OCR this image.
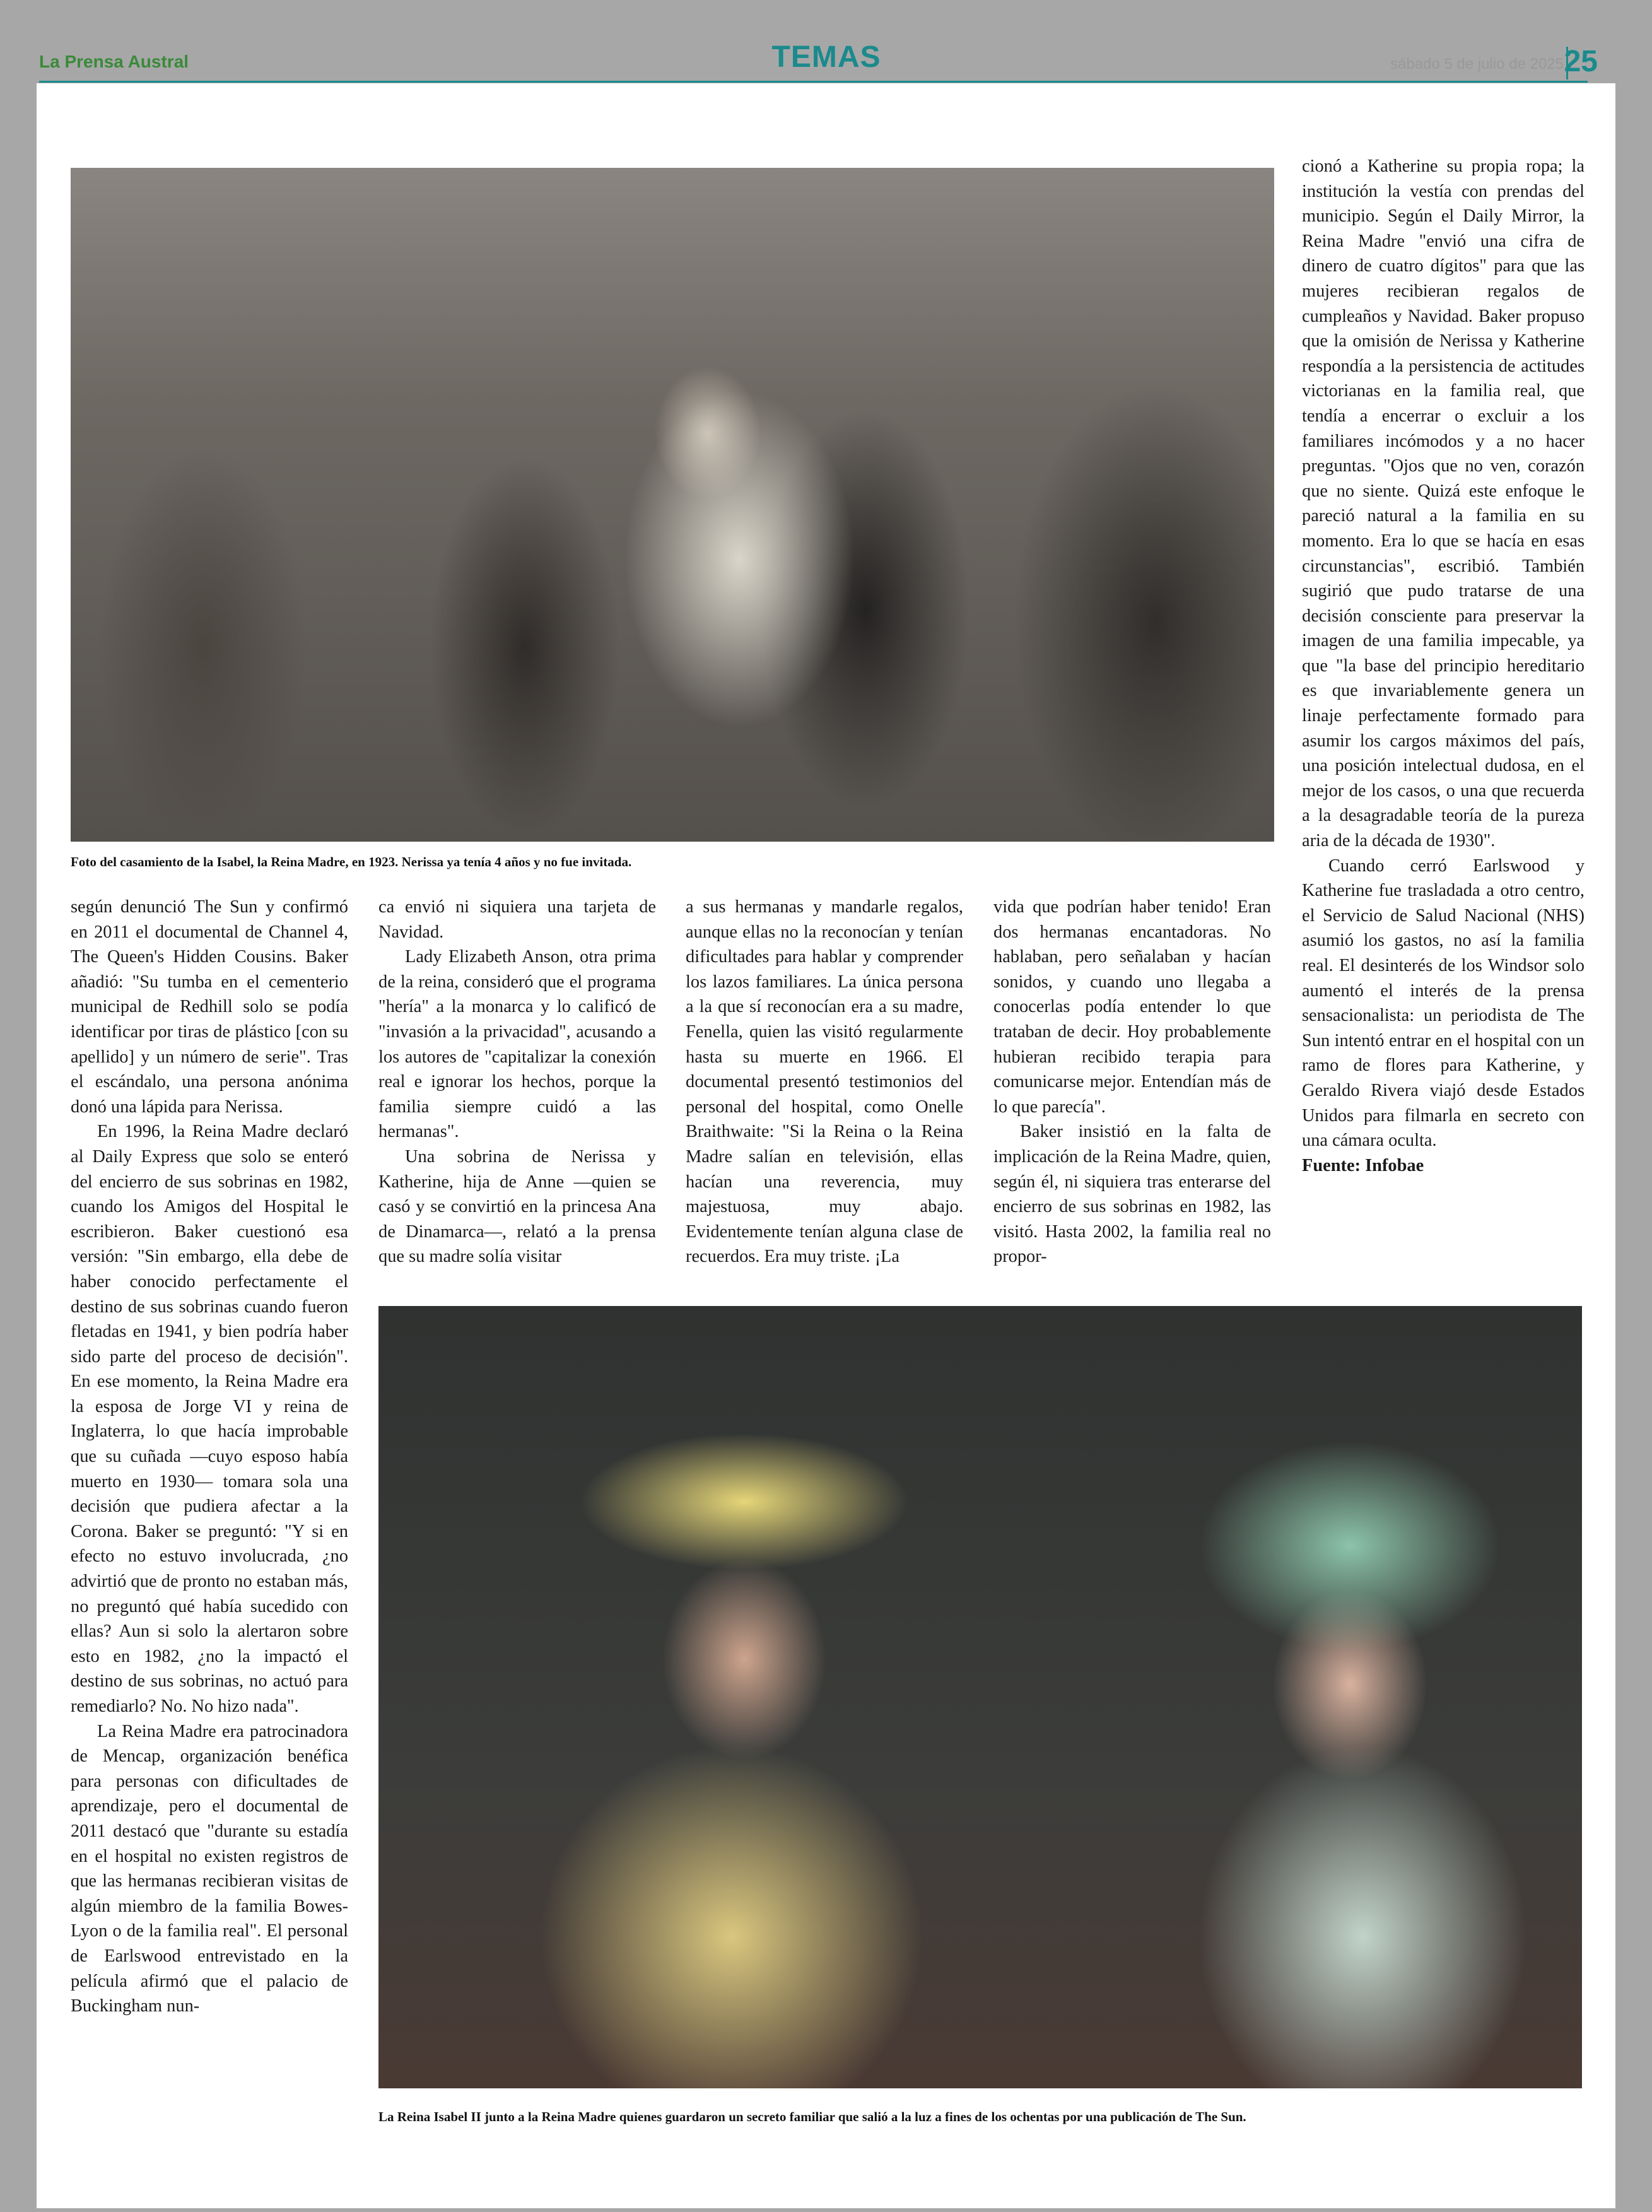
La Prensa Austral	TEMAS	sábado 5 de julio de 2025 25
Foto del casamiento de la Isabel, la Reina Madre, en 1923. Nerissa ya tenía 4 años y no fue invitada.

según denunció The Sun y confirmó en 2011 el documental de Channel 4, The Queen's Hidden Cousins. Baker añadió: "Su tumba en el cementerio municipal de Redhill solo se podía identificar por tiras de plástico [con su apellido] y un número de serie". Tras el escándalo, una persona anónima donó una lápida para Nerissa.

En 1996, la Reina Madre declaró al Daily Express que solo se enteró del encierro de sus sobrinas en 1982, cuando los Amigos del Hospital le escribieron. Baker cuestionó esa versión: "Sin embargo, ella debe de haber conocido perfectamente el destino de sus sobrinas cuando fueron fletadas en 1941, y bien podría haber sido parte del proceso de decisión". En ese momento, la Reina Madre era la esposa de Jorge VI y reina de Inglaterra, lo que hacía improbable que su cuñada —cuyo esposo había muerto en 1930— tomara sola una decisión que pudiera afectar a la Corona. Baker se preguntó: "Y si en efecto no estuvo involucrada, ¿no advirtió que de pronto no estaban más, no preguntó qué había sucedido con ellas? Aun si solo la alertaron sobre esto en 1982, ¿no la impactó el destino de sus sobrinas, no actuó para remediarlo? No. No hizo nada".

La Reina Madre era patrocinadora de Mencap, organización benéfica para personas con dificultades de aprendizaje, pero el documental de 2011 destacó que "durante su estadía en el hospital no existen registros de que las hermanas recibieran visitas de algún miembro de la familia Bowes-Lyon o de la familia real". El personal de Earlswood entrevistado en la película afirmó que el palacio de Buckingham nun-

ca envió ni siquiera una tarjeta de Navidad.

Lady Elizabeth Anson, otra prima de la reina, consideró que el programa "hería" a la monarca y lo calificó de "invasión a la privacidad", acusando a los autores de "capitalizar la conexión real e ignorar los hechos, porque la familia siempre cuidó a las hermanas".

Una sobrina de Nerissa y Katherine, hija de Anne —quien se casó y se convirtió en la princesa Ana de Dinamarca—, relató a la prensa que su madre solía visitar

a sus hermanas y mandarle regalos, aunque ellas no la reconocían y tenían dificultades para hablar y comprender los lazos familiares. La única persona a la que sí reconocían era a su madre, Fenella, quien las visitó regularmente hasta su muerte en 1966. El documental presentó testimonios del personal del hospital, como Onelle Braithwaite: "Si la Reina o la Reina Madre salían en televisión, ellas hacían una reverencia, muy majestuosa, muy abajo. Evidentemente tenían alguna clase de recuerdos. Era muy triste. ¡La

vida que podrían haber tenido! Eran dos hermanas encantadoras. No hablaban, pero señalaban y hacían sonidos, y cuando uno llegaba a conocerlas podía entender lo que trataban de decir. Hoy probablemente hubieran recibido terapia para comunicarse mejor. Entendían más de lo que parecía".

Baker insistió en la falta de implicación de la Reina Madre, quien, según él, ni siquiera tras enterarse del encierro de sus sobrinas en 1982, las visitó. Hasta 2002, la familia real no propor-

cionó a Katherine su propia ropa; la institución la vestía con prendas del municipio. Según el Daily Mirror, la Reina Madre "envió una cifra de dinero de cuatro dígitos" para que las mujeres recibieran regalos de cumpleaños y Navidad. Baker propuso que la omisión de Nerissa y Katherine respondía a la persistencia de actitudes victorianas en la familia real, que tendía a encerrar o excluir a los familiares incómodos y a no hacer preguntas. "Ojos que no ven, corazón que no siente. Quizá este enfoque le pareció natural a la familia en su momento. Era lo que se hacía en esas circunstancias", escribió. También sugirió que pudo tratarse de una decisión consciente para preservar la imagen de una familia impecable, ya que "la base del principio hereditario es que invariablemente genera un linaje perfectamente formado para asumir los cargos máximos del país, una posición intelectual dudosa, en el mejor de los casos, o una que recuerda a la desagradable teoría de la pureza aria de la década de 1930".

Cuando cerró Earlswood y Katherine fue trasladada a otro centro, el Servicio de Salud Nacional (NHS) asumió los gastos, no así la familia real. El desinterés de los Windsor solo aumentó el interés de la prensa sensacionalista: un periodista de The Sun intentó entrar en el hospital con un ramo de flores para Katherine, y Geraldo Rivera viajó desde Estados Unidos para filmarla en secreto con una cámara oculta.

Fuente: Infobae

La Reina Isabel II junto a la Reina Madre quienes guardaron un secreto familiar que salió a la luz a fines de los ochentas por una publicación de The Sun.
